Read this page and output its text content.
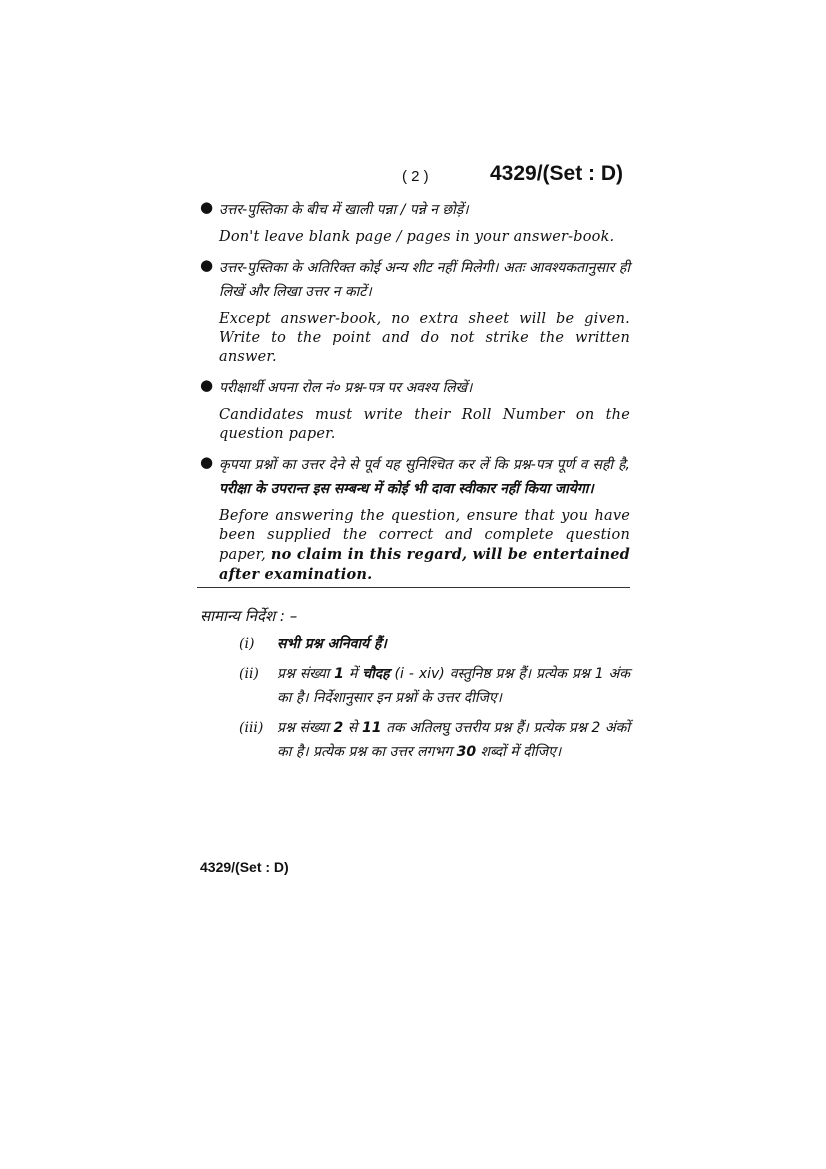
( 2 )	4329/(Set : D)
● उत्तर-पुस्तिका के बीच में खाली पन्ना / पन्ने न छोड़ें।
Don't leave blank page / pages in your answer-book.
● उत्तर-पुस्तिका के अतिरिक्त कोई अन्य शीट नहीं मिलेगी। अतः आवश्यकतानुसार ही लिखें और लिखा उत्तर न काटें।
Except answer-book, no extra sheet will be given. Write to the point and do not strike the written answer.
● परीक्षार्थी अपना रोल नं० प्रश्न-पत्र पर अवश्य लिखें।
Candidates must write their Roll Number on the question paper.
● कृपया प्रश्नों का उत्तर देने से पूर्व यह सुनिश्चित कर लें कि प्रश्न-पत्र पूर्ण व सही है, परीक्षा के उपरान्त इस सम्बन्ध में कोई भी दावा स्वीकार नहीं किया जायेगा।
Before answering the question, ensure that you have been supplied the correct and complete question paper, no claim in this regard, will be entertained after examination.
सामान्य निर्देश : –
(i) सभी प्रश्न अनिवार्य हैं।
(ii) प्रश्न संख्या 1 में चौदह (i - xiv) वस्तुनिष्ठ प्रश्न हैं। प्रत्येक प्रश्न 1 अंक का है। निर्देशानुसार इन प्रश्नों के उत्तर दीजिए।
(iii) प्रश्न संख्या 2 से 11 तक अतिलघु उत्तरीय प्रश्न हैं। प्रत्येक प्रश्न 2 अंकों का है। प्रत्येक प्रश्न का उत्तर लगभग 30 शब्दों में दीजिए।
4329/(Set : D)
